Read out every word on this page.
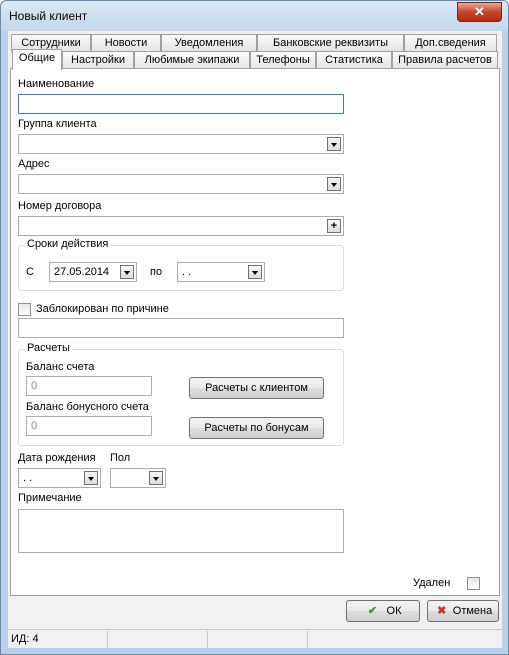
Новый клиент	✕
Сотрудники	Новости	Уведомления	Банковские реквизиты	Доп.сведения
Общие	Настройки	Любимые экипажи	Телефоны	Статистика	Правила расчетов
Наименование
Группа клиента
Адрес
Номер договора
+
Сроки действия
С	27.05.2014	по	. .
Заблокирован по причине
Расчеты
Баланс счета
0	Расчеты с клиентом
Баланс бонусного счета
0	Расчеты по бонусам
Дата рождения
. .
Пол
Примечание
Удален
✔ ОК	✖ Отмена
ИД: 4
